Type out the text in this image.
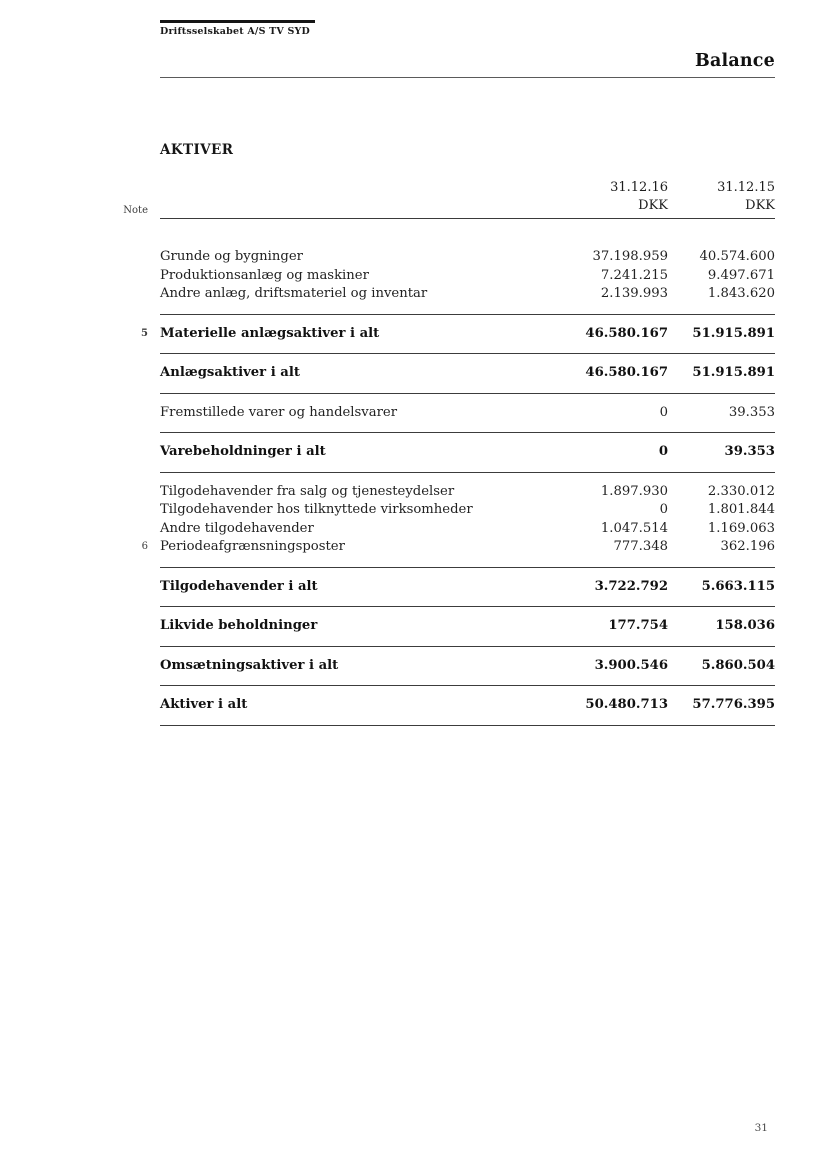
Driftsselskabet A/S TV SYD
Balance
AKTIVER
Note
31.12.16	31.12.15
DKK	DKK
Grunde og bygninger	37.198.959	40.574.600
Produktionsanlæg og maskiner	7.241.215	9.497.671
Andre anlæg, driftsmateriel og inventar	2.139.993	1.843.620
5 Materielle anlægsaktiver i alt	46.580.167	51.915.891
Anlægsaktiver i alt	46.580.167	51.915.891
Fremstillede varer og handelsvarer	0	39.353
Varebeholdninger i alt	0	39.353
Tilgodehavender fra salg og tjenesteydelser	1.897.930	2.330.012
Tilgodehavender hos tilknyttede virksomheder	0	1.801.844
Andre tilgodehavender	1.047.514	1.169.063
6 Periodeafgrænsningsposter	777.348	362.196
Tilgodehavender i alt	3.722.792	5.663.115
Likvide beholdninger	177.754	158.036
Omsætningsaktiver i alt	3.900.546	5.860.504
Aktiver i alt	50.480.713	57.776.395
31
